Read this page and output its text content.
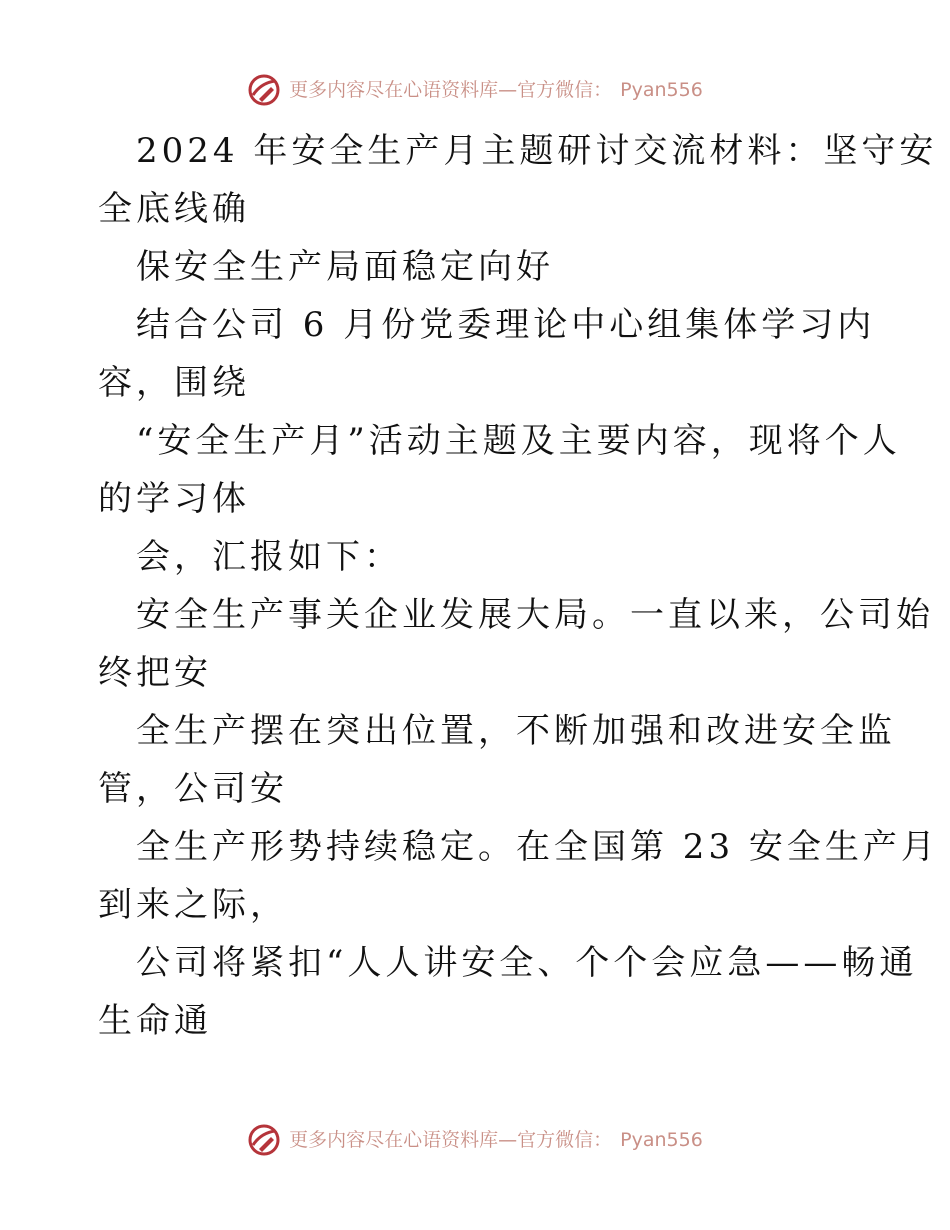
更多内容尽在心语资料库—官方微信： Pyan556
2024 年安全生产月主题研讨交流材料：坚守安
全底线确
保安全生产局面稳定向好
结合公司 6 月份党委理论中心组集体学习内
容，围绕
“安全生产月”活动主题及主要内容，现将个人
的学习体
会，汇报如下：
安全生产事关企业发展大局。一直以来，公司始
终把安
全生产摆在突出位置，不断加强和改进安全监
管，公司安
全生产形势持续稳定。在全国第 23 安全生产月
到来之际，
公司将紧扣“人人讲安全、个个会应急——畅通
生命通
更多内容尽在心语资料库—官方微信： Pyan556
